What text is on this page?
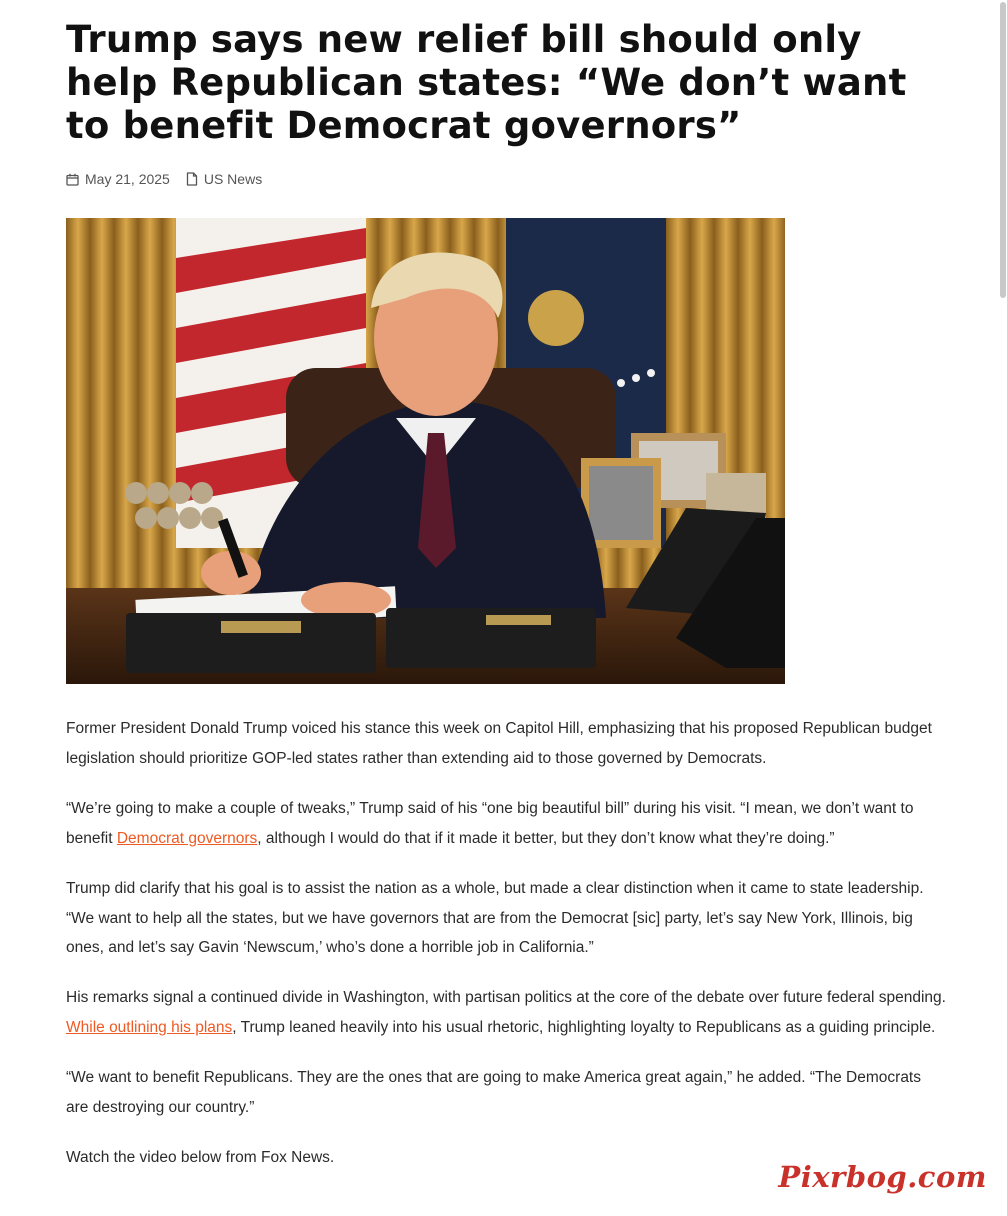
Trump says new relief bill should only help Republican states: “We don’t want to benefit Democrat governors”
May 21, 2025 US News

Former President Donald Trump voiced his stance this week on Capitol Hill, emphasizing that his proposed Republican budget legislation should prioritize GOP-led states rather than extending aid to those governed by Democrats.

“We’re going to make a couple of tweaks,” Trump said of his “one big beautiful bill” during his visit. “I mean, we don’t want to benefit Democrat governors, although I would do that if it made it better, but they don’t know what they’re doing.”

Trump did clarify that his goal is to assist the nation as a whole, but made a clear distinction when it came to state leadership. “We want to help all the states, but we have governors that are from the Democrat [sic] party, let’s say New York, Illinois, big ones, and let’s say Gavin ‘Newscum,’ who’s done a horrible job in California.”

His remarks signal a continued divide in Washington, with partisan politics at the core of the debate over future federal spending. While outlining his plans, Trump leaned heavily into his usual rhetoric, highlighting loyalty to Republicans as a guiding principle.

“We want to benefit Republicans. They are the ones that are going to make America great again,” he added. “The Democrats are destroying our country.”

Watch the video below from Fox News.

Pixrbog.com
